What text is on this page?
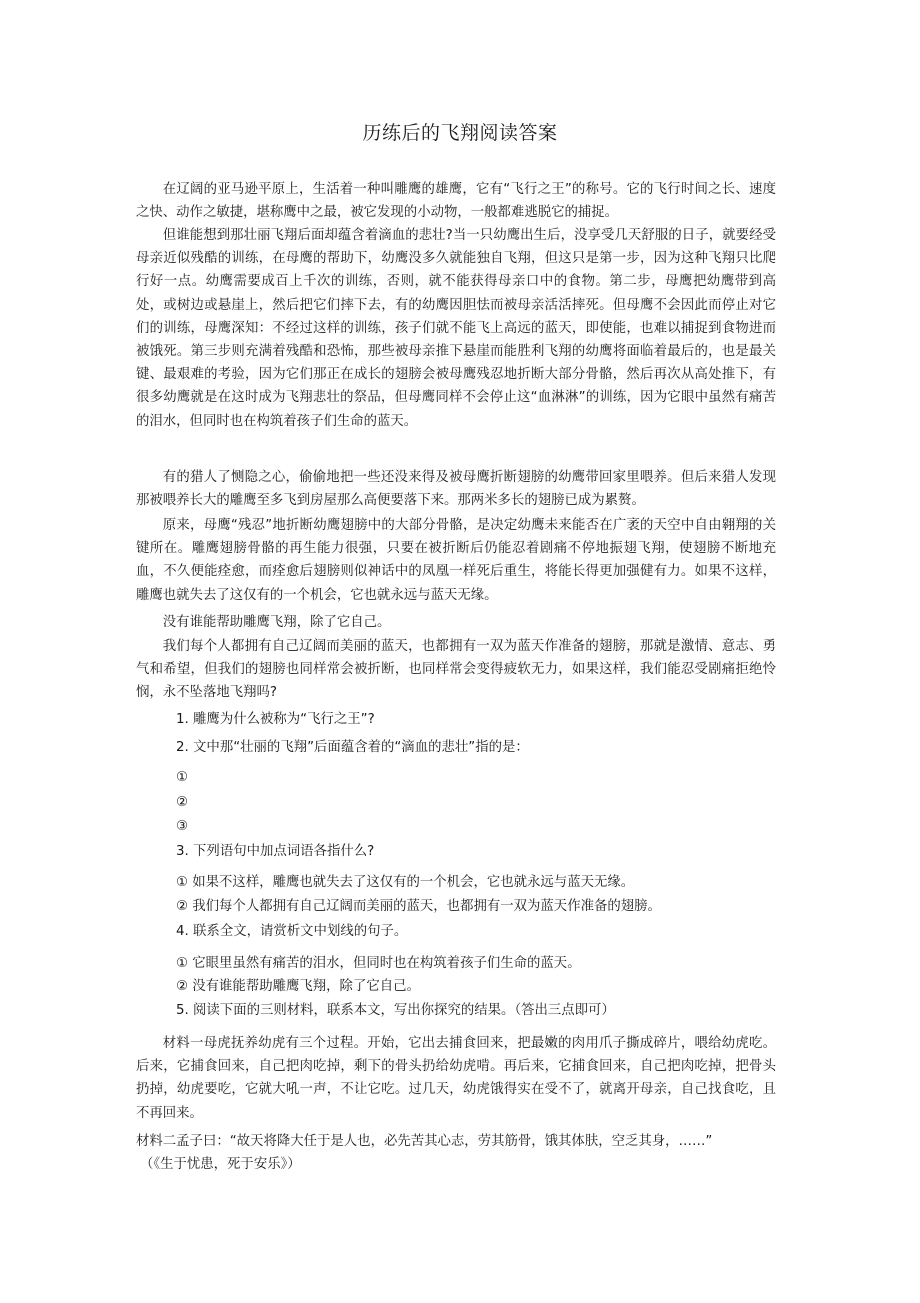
历练后的飞翔阅读答案

在辽阔的亚马逊平原上，生活着一种叫雕鹰的雄鹰，它有“飞行之王”的称号。它的飞行时间之长、速度之快、动作之敏捷，堪称鹰中之最，被它发现的小动物，一般都难逃脱它的捕捉。

但谁能想到那壮丽飞翔后面却蕴含着滴血的悲壮?当一只幼鹰出生后，没享受几天舒服的日子，就要经受母亲近似残酷的训练，在母鹰的帮助下，幼鹰没多久就能独自飞翔，但这只是第一步，因为这种飞翔只比爬行好一点。幼鹰需要成百上千次的训练，否则，就不能获得母亲口中的食物。第二步，母鹰把幼鹰带到高处，或树边或悬崖上，然后把它们摔下去，有的幼鹰因胆怯而被母亲活活摔死。但母鹰不会因此而停止对它们的训练，母鹰深知：不经过这样的训练，孩子们就不能飞上高远的蓝天，即使能，也难以捕捉到食物进而被饿死。第三步则充满着残酷和恐怖，那些被母亲推下悬崖而能胜利飞翔的幼鹰将面临着最后的，也是最关键、最艰难的考验，因为它们那正在成长的翅膀会被母鹰残忍地折断大部分骨骼，然后再次从高处推下，有很多幼鹰就是在这时成为飞翔悲壮的祭品，但母鹰同样不会停止这“血淋淋”的训练，因为它眼中虽然有痛苦的泪水，但同时也在构筑着孩子们生命的蓝天。

有的猎人了恻隐之心，偷偷地把一些还没来得及被母鹰折断翅膀的幼鹰带回家里喂养。但后来猎人发现那被喂养长大的雕鹰至多飞到房屋那么高便要落下来。那两米多长的翅膀已成为累赘。

原来，母鹰“残忍”地折断幼鹰翅膀中的大部分骨骼，是决定幼鹰未来能否在广袤的天空中自由翱翔的关键所在。雕鹰翅膀骨骼的再生能力很强，只要在被折断后仍能忍着剧痛不停地振翅飞翔，使翅膀不断地充血，不久便能痊愈，而痊愈后翅膀则似神话中的凤凰一样死后重生，将能长得更加强健有力。如果不这样，雕鹰也就失去了这仅有的一个机会，它也就永远与蓝天无缘。

没有谁能帮助雕鹰飞翔，除了它自己。

我们每个人都拥有自己辽阔而美丽的蓝天，也都拥有一双为蓝天作准备的翅膀，那就是激情、意志、勇气和希望，但我们的翅膀也同样常会被折断，也同样常会变得疲软无力，如果这样，我们能忍受剧痛拒绝怜悯，永不坠落地飞翔吗?

1. 雕鹰为什么被称为“飞行之王”?
2. 文中那“壮丽的飞翔”后面蕴含着的“滴血的悲壮”指的是：
①
②
③
3. 下列语句中加点词语各指什么?
① 如果不这样，雕鹰也就失去了这仅有的一个机会，它也就永远与蓝天无缘。
② 我们每个人都拥有自己辽阔而美丽的蓝天，也都拥有一双为蓝天作准备的翅膀。
4. 联系全文，请赏析文中划线的句子。
① 它眼里虽然有痛苦的泪水，但同时也在构筑着孩子们生命的蓝天。
② 没有谁能帮助雕鹰飞翔，除了它自己。
5. 阅读下面的三则材料，联系本文，写出你探究的结果。（答出三点即可）

材料一母虎抚养幼虎有三个过程。开始，它出去捕食回来，把最嫩的肉用爪子撕成碎片，喂给幼虎吃。后来，它捕食回来，自己把肉吃掉，剩下的骨头扔给幼虎啃。再后来，它捕食回来，自己把肉吃掉，把骨头扔掉，幼虎要吃，它就大吼一声，不让它吃。过几天，幼虎饿得实在受不了，就离开母亲，自己找食吃，且不再回来。

材料二孟子曰：“故天将降大任于是人也，必先苦其心志，劳其筋骨，饿其体肤，空乏其身，……”
（《生于忧患，死于安乐》）
